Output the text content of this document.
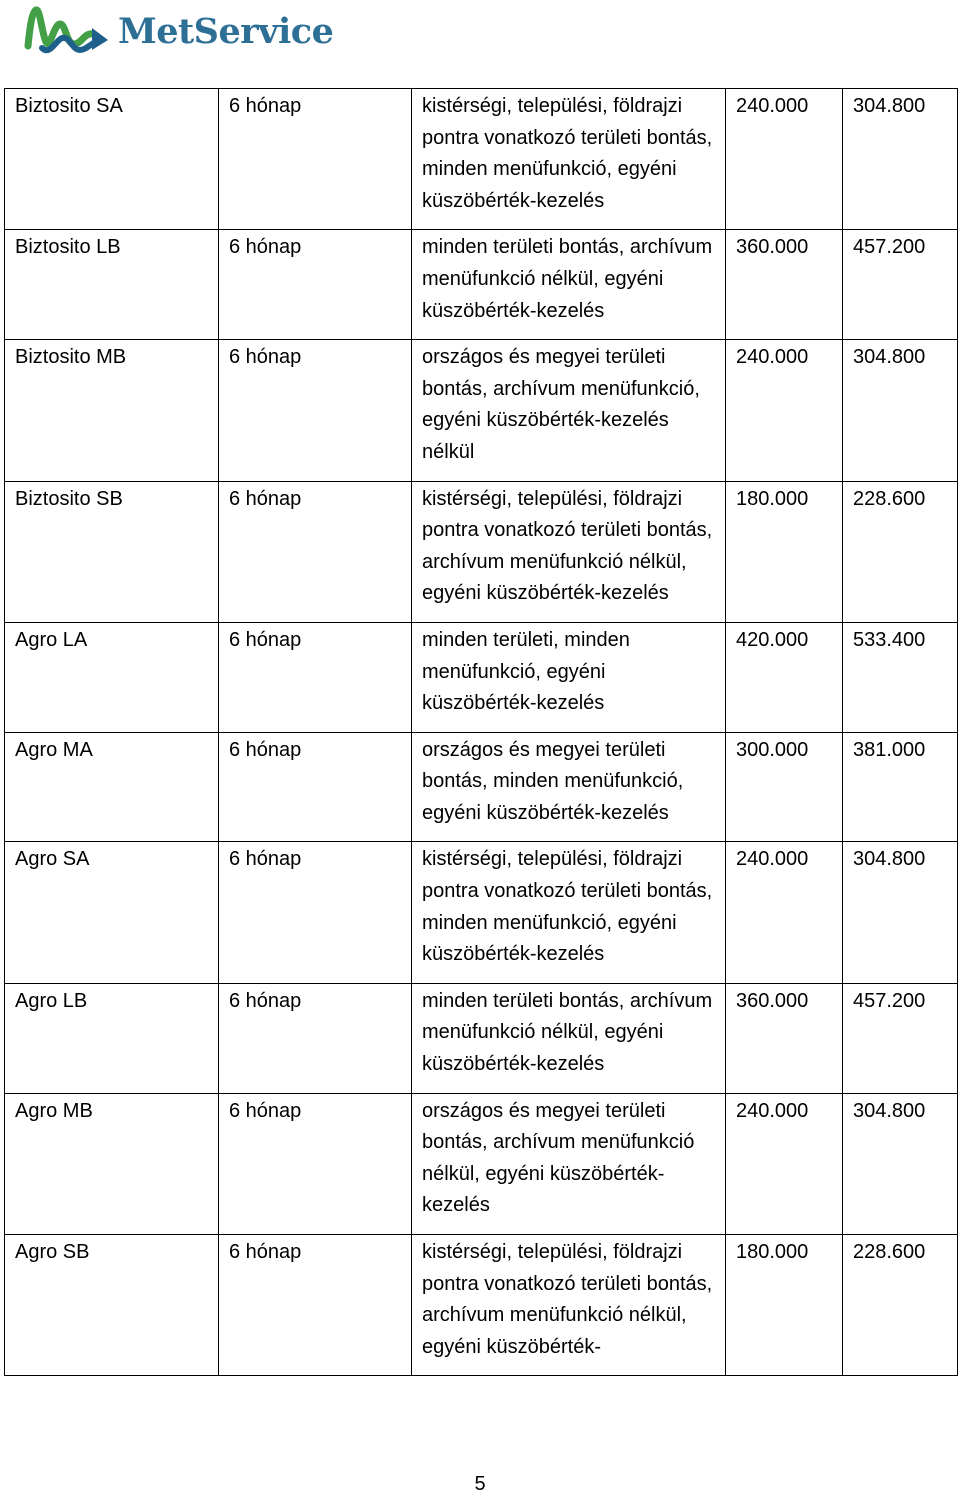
MetService
Biztosito SA	6 hónap	kistérségi, települési, földrajzi pontra vonatkozó területi bontás, minden menüfunkció, egyéni küszöbérték-kezelés	240.000	304.800
Biztosito LB	6 hónap	minden területi bontás, archívum menüfunkció nélkül, egyéni küszöbérték-kezelés	360.000	457.200
Biztosito MB	6 hónap	országos és megyei területi bontás, archívum menüfunkció, egyéni küszöbérték-kezelés nélkül	240.000	304.800
Biztosito SB	6 hónap	kistérségi, települési, földrajzi pontra vonatkozó területi bontás, archívum menüfunkció nélkül, egyéni küszöbérték-kezelés	180.000	228.600
Agro LA	6 hónap	minden területi, minden menüfunkció, egyéni küszöbérték-kezelés	420.000	533.400
Agro MA	6 hónap	országos és megyei területi bontás, minden menüfunkció, egyéni küszöbérték-kezelés	300.000	381.000
Agro SA	6 hónap	kistérségi, települési, földrajzi pontra vonatkozó területi bontás, minden menüfunkció, egyéni küszöbérték-kezelés	240.000	304.800
Agro LB	6 hónap	minden területi bontás, archívum menüfunkció nélkül, egyéni küszöbérték-kezelés	360.000	457.200
Agro MB	6 hónap	országos és megyei területi bontás, archívum menüfunkció nélkül, egyéni küszöbérték-kezelés	240.000	304.800
Agro SB	6 hónap	kistérségi, települési, földrajzi pontra vonatkozó területi bontás, archívum menüfunkció nélkül, egyéni küszöbérték-	180.000	228.600
5
